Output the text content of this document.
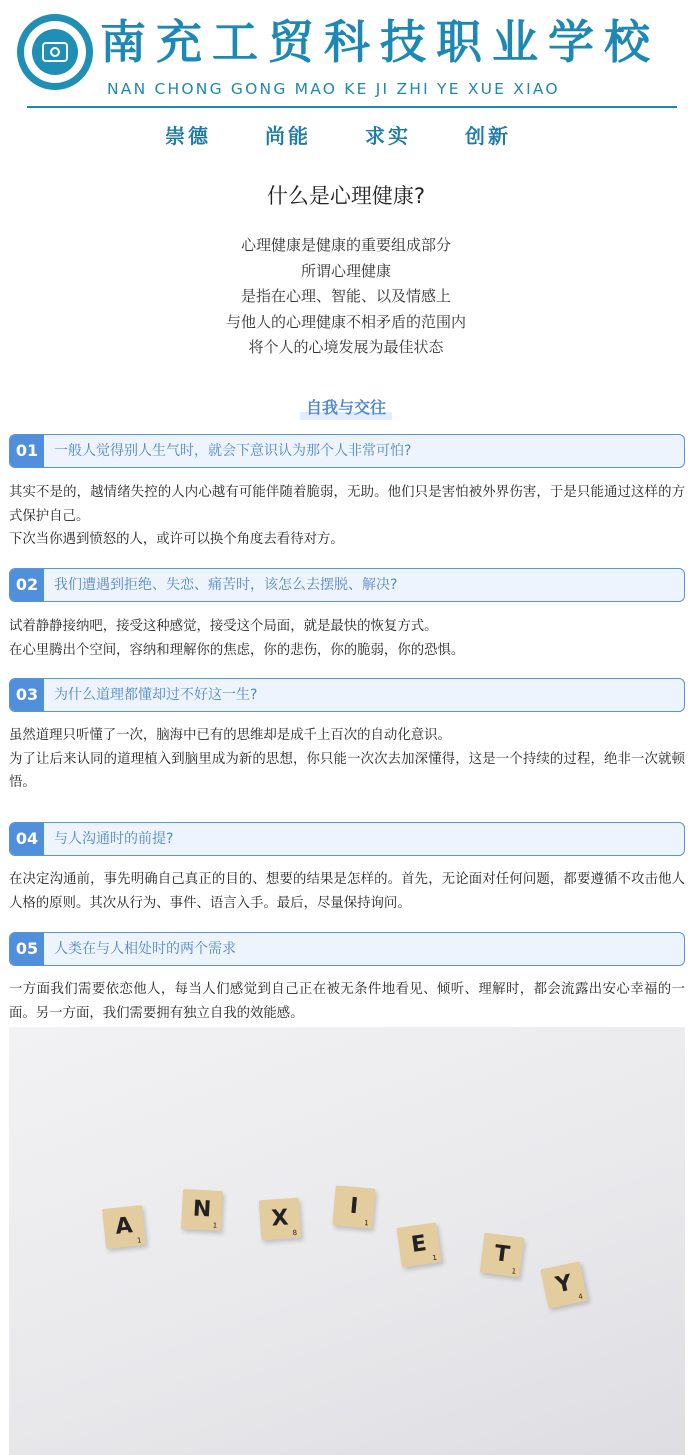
南充工贸科技职业学校
NAN CHONG GONG MAO KE JI ZHI YE XUE XIAO
崇德	尚能	求实	创新
什么是心理健康?

心理健康是健康的重要组成部分

所谓心理健康

是指在心理、智能、以及情感上

与他人的心理健康不相矛盾的范围内

将个人的心境发展为最佳状态

自我与交往
01	一般人觉得别人生气时，就会下意识认为那个人非常可怕?

其实不是的，越情绪失控的人内心越有可能伴随着脆弱，无助。他们只是害怕被外界伤害，于是只能通过这样的方式保护自己。

下次当你遇到愤怒的人，或许可以换个角度去看待对方。

02	我们遭遇到拒绝、失恋、痛苦时，该怎么去摆脱、解决?

试着静静接纳吧，接受这种感觉，接受这个局面，就是最快的恢复方式。

在心里腾出个空间，容纳和理解你的焦虑，你的悲伤，你的脆弱，你的恐惧。

03	为什么道理都懂却过不好这一生?

虽然道理只听懂了一次，脑海中已有的思维却是成千上百次的自动化意识。

为了让后来认同的道理植入到脑里成为新的思想，你只能一次次去加深懂得，这是一个持续的过程，绝非一次就顿悟。

04	与人沟通时的前提?

在决定沟通前，事先明确自己真正的目的、想要的结果是怎样的。首先，无论面对任何问题，都要遵循不攻击他人人格的原则。其次从行为、事件、语言入手。最后，尽量保持询问。

05	人类在与人相处时的两个需求

一方面我们需要依恋他人，每当人们感觉到自己正在被无条件地看见、倾听、理解时，都会流露出安心幸福的一面。另一方面，我们需要拥有独立自我的效能感。

A
1
N
1	X
8
I
1
E
1	T
1	Y 4
